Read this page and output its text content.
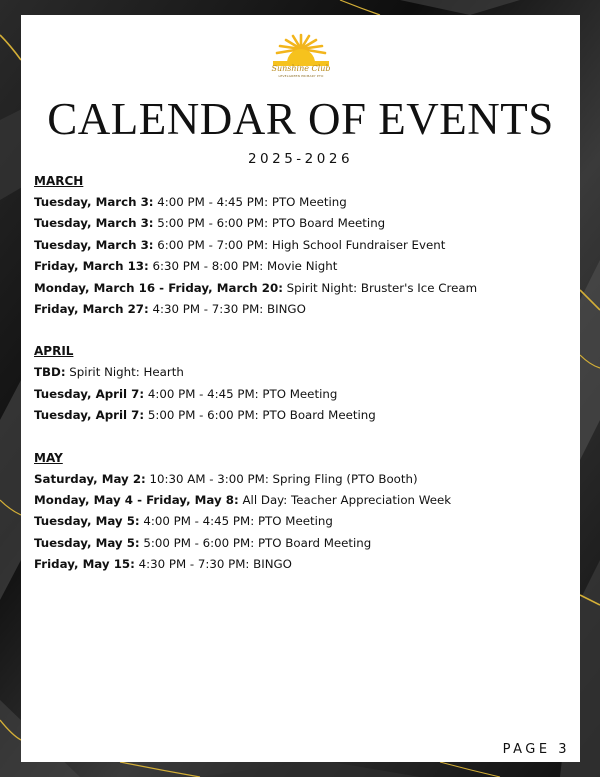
Sunshine Club
LEVELGREEN PRIMARY PTO
CALENDAR OF EVENTS
2025-2026
MARCH
Tuesday, March 3: 4:00 PM - 4:45 PM: PTO Meeting
Tuesday, March 3: 5:00 PM - 6:00 PM: PTO Board Meeting
Tuesday, March 3: 6:00 PM - 7:00 PM: High School Fundraiser Event
Friday, March 13: 6:30 PM - 8:00 PM: Movie Night
Monday, March 16 - Friday, March 20: Spirit Night: Bruster's Ice Cream
Friday, March 27: 4:30 PM - 7:30 PM: BINGO
APRIL
TBD: Spirit Night: Hearth
Tuesday, April 7: 4:00 PM - 4:45 PM: PTO Meeting
Tuesday, April 7: 5:00 PM - 6:00 PM: PTO Board Meeting
MAY
Saturday, May 2: 10:30 AM - 3:00 PM: Spring Fling (PTO Booth)
Monday, May 4 - Friday, May 8: All Day: Teacher Appreciation Week
Tuesday, May 5: 4:00 PM - 4:45 PM: PTO Meeting
Tuesday, May 5: 5:00 PM - 6:00 PM: PTO Board Meeting
Friday, May 15: 4:30 PM - 7:30 PM: BINGO
PAGE 3
